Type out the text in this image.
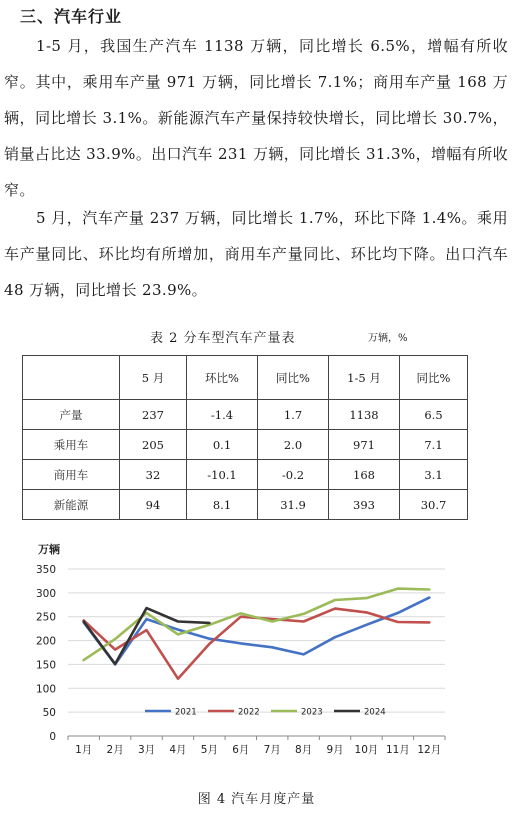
三、汽车行业
1-5 月，我国生产汽车 1138 万辆，同比增长 6.5%，增幅有所收窄。其中，乘用车产量 971 万辆，同比增长 7.1%；商用车产量 168 万辆，同比增长 3.1%。新能源汽车产量保持较快增长，同比增长 30.7%，销量占比达 33.9%。出口汽车 231 万辆，同比增长 31.3%，增幅有所收窄。
5 月，汽车产量 237 万辆，同比增长 1.7%，环比下降 1.4%。乘用车产量同比、环比均有所增加，商用车产量同比、环比均下降。出口汽车 48 万辆，同比增长 23.9%。
表 2 分车型汽车产量表	万辆，%
	5 月	环比%	同比%	1-5 月	同比%
产量	237	-1.4	1.7	1138	6.5
乘用车	205	0.1	2.0	971	7.1
商用车	32	-10.1	-0.2	168	3.1
新能源	94	8.1	31.9	393	30.7
万辆
0
50
100
150
200
250
300
350
1月 2月 3月 4月 5月 6月 7月 8月 9月 10月 11月 12月
2021	2022	2023	2024
图 4 汽车月度产量
